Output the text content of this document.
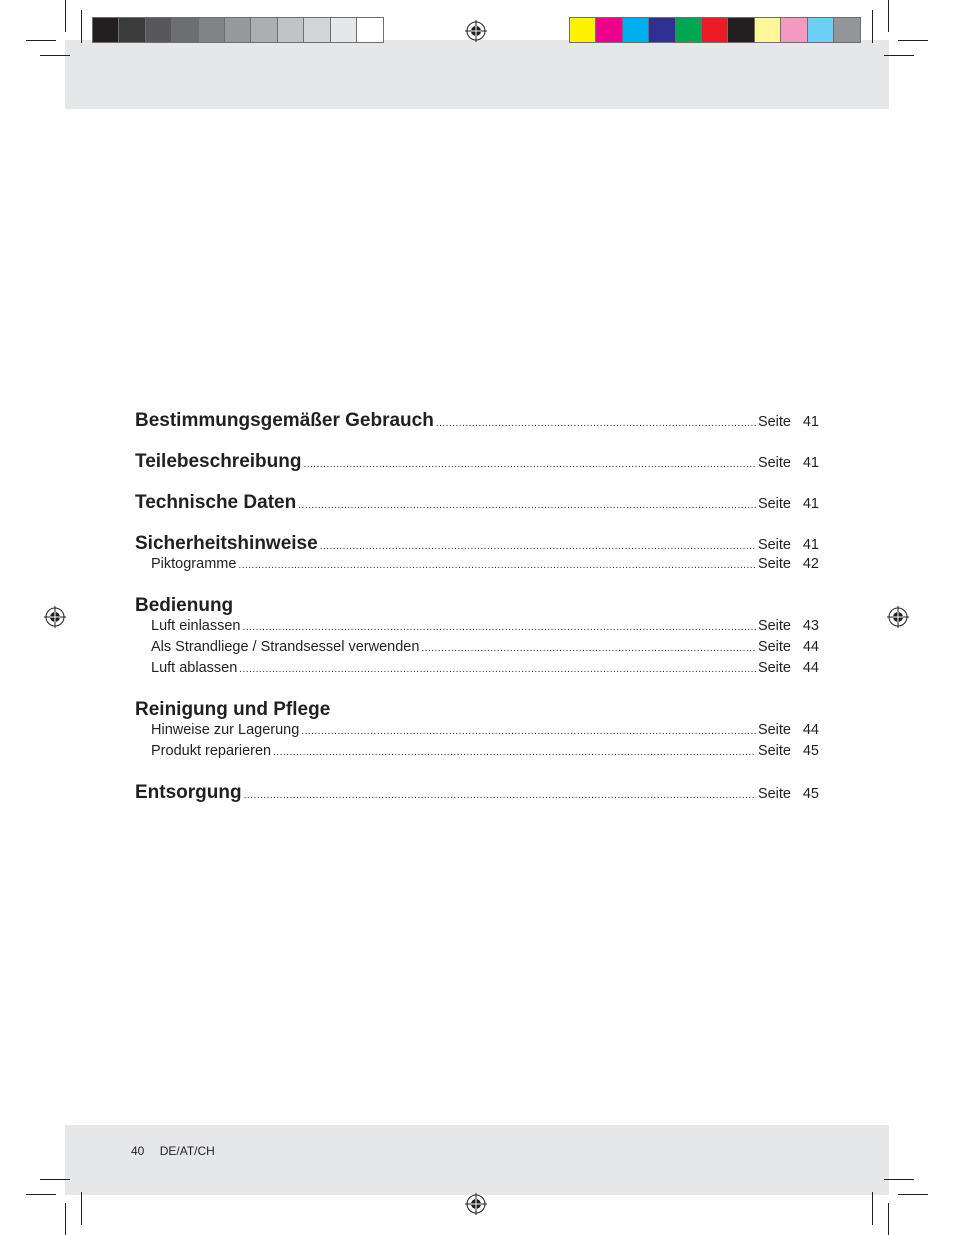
Bestimmungsgemäßer Gebrauch .....	Seite 41
Teilebeschreibung .....	Seite 41
Technische Daten .....	Seite 41
Sicherheitshinweise .....	Seite 41
Piktogramme .....	Seite 42
Bedienung
Luft einlassen .....	Seite 43
Als Strandliege / Strandsessel verwenden .....	Seite 44
Luft ablassen .....	Seite 44
Reinigung und Pflege
Hinweise zur Lagerung .....	Seite 44
Produkt reparieren .....	Seite 45
Entsorgung .....	Seite 45
40 DE/AT/CH
